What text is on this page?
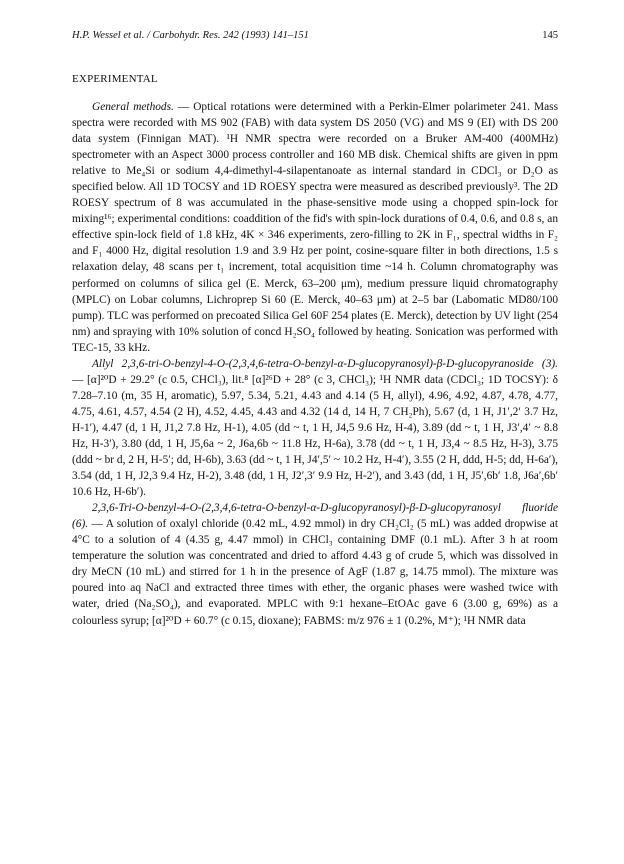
H.P. Wessel et al. / Carbohydr. Res. 242 (1993) 141–151	145
EXPERIMENTAL

General methods. — Optical rotations were determined with a Perkin-Elmer polarimeter 241. Mass spectra were recorded with MS 902 (FAB) with data system DS 2050 (VG) and MS 9 (EI) with DS 200 data system (Finnigan MAT). ¹H NMR spectra were recorded on a Bruker AM-400 (400MHz) spectrometer with an Aspect 3000 process controller and 160 MB disk. Chemical shifts are given in ppm relative to Me₄Si or sodium 4,4-dimethyl-4-silapentanoate as internal standard in CDCl₃ or D₂O as specified below. All 1D TOCSY and 1D ROESY spectra were measured as described previously³. The 2D ROESY spectrum of 8 was accumulated in the phase-sensitive mode using a chopped spin-lock for mixing¹⁶; experimental conditions: coaddition of the fid's with spin-lock durations of 0.4, 0.6, and 0.8 s, an effective spin-lock field of 1.8 kHz, 4K × 346 experiments, zero-filling to 2K in F₁, spectral widths in F₂ and F₁ 4000 Hz, digital resolution 1.9 and 3.9 Hz per point, cosine-square filter in both directions, 1.5 s relaxation delay, 48 scans per t₁ increment, total acquisition time ~14 h. Column chromatography was performed on columns of silica gel (E. Merck, 63–200 μm), medium pressure liquid chromatography (MPLC) on Lobar columns, Lichroprep Si 60 (E. Merck, 40–63 μm) at 2–5 bar (Labomatic MD80/100 pump). TLC was performed on precoated Silica Gel 60F 254 plates (E. Merck), detection by UV light (254 nm) and spraying with 10% solution of concd H₂SO₄ followed by heating. Sonication was performed with TEC-15, 33 kHz.

Allyl 2,3,6-tri-O-benzyl-4-O-(2,3,4,6-tetra-O-benzyl-α-D-glucopyranosyl)-β-D-glucopyranoside (3). — [α]²⁰D + 29.2° (c 0.5, CHCl₃), lit.⁸ [α]²⁶D + 28° (c 3, CHCl₃); ¹H NMR data (CDCl₃; 1D TOCSY): δ 7.28–7.10 (m, 35 H, aromatic), 5.97, 5.34, 5.21, 4.43 and 4.14 (5 H, allyl), 4.96, 4.92, 4.87, 4.78, 4.77, 4.75, 4.61, 4.57, 4.54 (2 H), 4.52, 4.45, 4.43 and 4.32 (14 d, 14 H, 7 CH₂Ph), 5.67 (d, 1 H, J1′,2′ 3.7 Hz, H-1′), 4.47 (d, 1 H, J1,2 7.8 Hz, H-1), 4.05 (dd ~ t, 1 H, J4,5 9.6 Hz, H-4), 3.89 (dd ~ t, 1 H, J3′,4′ ~ 8.8 Hz, H-3′), 3.80 (dd, 1 H, J5,6a ~ 2, J6a,6b ~ 11.8 Hz, H-6a), 3.78 (dd ~ t, 1 H, J3,4 ~ 8.5 Hz, H-3), 3.75 (ddd ~ br d, 2 H, H-5′; dd, H-6b), 3.63 (dd ~ t, 1 H, J4′,5′ ~ 10.2 Hz, H-4′), 3.55 (2 H, ddd, H-5; dd, H-6a′), 3.54 (dd, 1 H, J2,3 9.4 Hz, H-2), 3.48 (dd, 1 H, J2′,3′ 9.9 Hz, H-2′), and 3.43 (dd, 1 H, J5′,6b′ 1.8, J6a′,6b′ 10.6 Hz, H-6b′).

2,3,6-Tri-O-benzyl-4-O-(2,3,4,6-tetra-O-benzyl-α-D-glucopyranosyl)-β-D-glucopyranosyl fluoride (6). — A solution of oxalyl chloride (0.42 mL, 4.92 mmol) in dry CH₂Cl₂ (5 mL) was added dropwise at 4°C to a solution of 4 (4.35 g, 4.47 mmol) in CHCl₃ containing DMF (0.1 mL). After 3 h at room temperature the solution was concentrated and dried to afford 4.43 g of crude 5, which was dissolved in dry MeCN (10 mL) and stirred for 1 h in the presence of AgF (1.87 g, 14.75 mmol). The mixture was poured into aq NaCl and extracted three times with ether, the organic phases were washed twice with water, dried (Na₂SO₄), and evaporated. MPLC with 9:1 hexane–EtOAc gave 6 (3.00 g, 69%) as a colourless syrup; [α]²⁰D + 60.7° (c 0.15, dioxane); FABMS: m/z 976 ± 1 (0.2%, M⁺); ¹H NMR data
